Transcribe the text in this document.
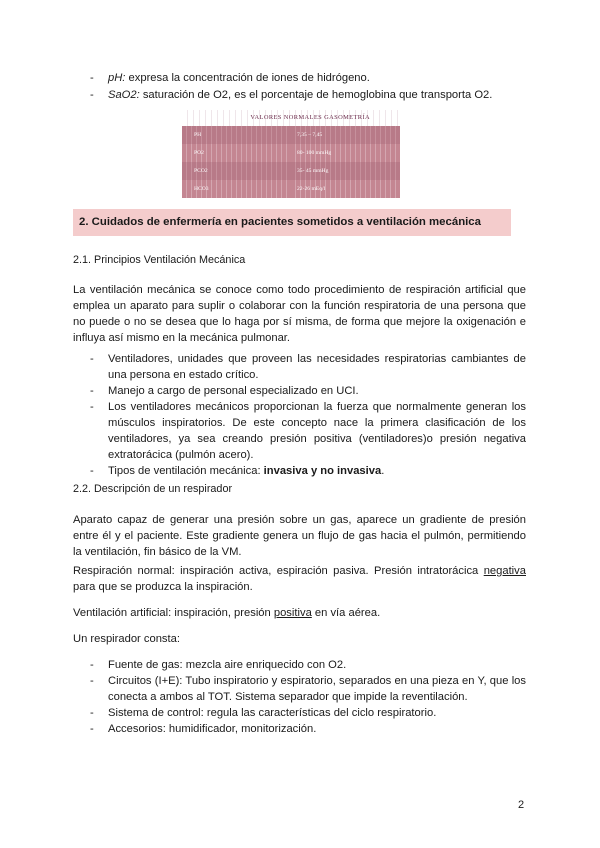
- pH: expresa la concentración de iones de hidrógeno.
- SaO2: saturación de O2, es el porcentaje de hemoglobina que transporta O2.
VALORES NORMALES GASOMETRÍA	
PH	7,35 – 7,45
PO2	80- 100 mmHg
PCO2	35- 45 mmHg
HCO3	22-26 mEq/l
2. Cuidados de enfermería en pacientes sometidos a ventilación mecánica

2.1. Principios Ventilación Mecánica

La ventilación mecánica se conoce como todo procedimiento de respiración artificial que emplea un aparato para suplir o colaborar con la función respiratoria de una persona que no puede o no se desea que lo haga por sí misma, de forma que mejore la oxigenación e influya así mismo en la mecánica pulmonar.

- Ventiladores, unidades que proveen las necesidades respiratorias cambiantes de una persona en estado crítico.
- Manejo a cargo de personal especializado en UCI.
- Los ventiladores mecánicos proporcionan la fuerza que normalmente generan los músculos inspiratorios. De este concepto nace la primera clasificación de los ventiladores, ya sea creando presión positiva (ventiladores)o presión negativa extratorácica (pulmón acero).
- Tipos de ventilación mecánica: invasiva y no invasiva.

2.2. Descripción de un respirador

Aparato capaz de generar una presión sobre un gas, aparece un gradiente de presión entre él y el paciente. Este gradiente genera un flujo de gas hacia el pulmón, permitiendo la ventilación, fin básico de la VM.

Respiración normal: inspiración activa, espiración pasiva. Presión intratorácica negativa para que se produzca la inspiración.

Ventilación artificial: inspiración, presión positiva en vía aérea.

Un respirador consta:

- Fuente de gas: mezcla aire enriquecido con O2.
- Circuitos (I+E): Tubo inspiratorio y espiratorio, separados en una pieza en Y, que los conecta a ambos al TOT. Sistema separador que impide la reventilación.
- Sistema de control: regula las características del ciclo respiratorio.
- Accesorios: humidificador, monitorización.
2
